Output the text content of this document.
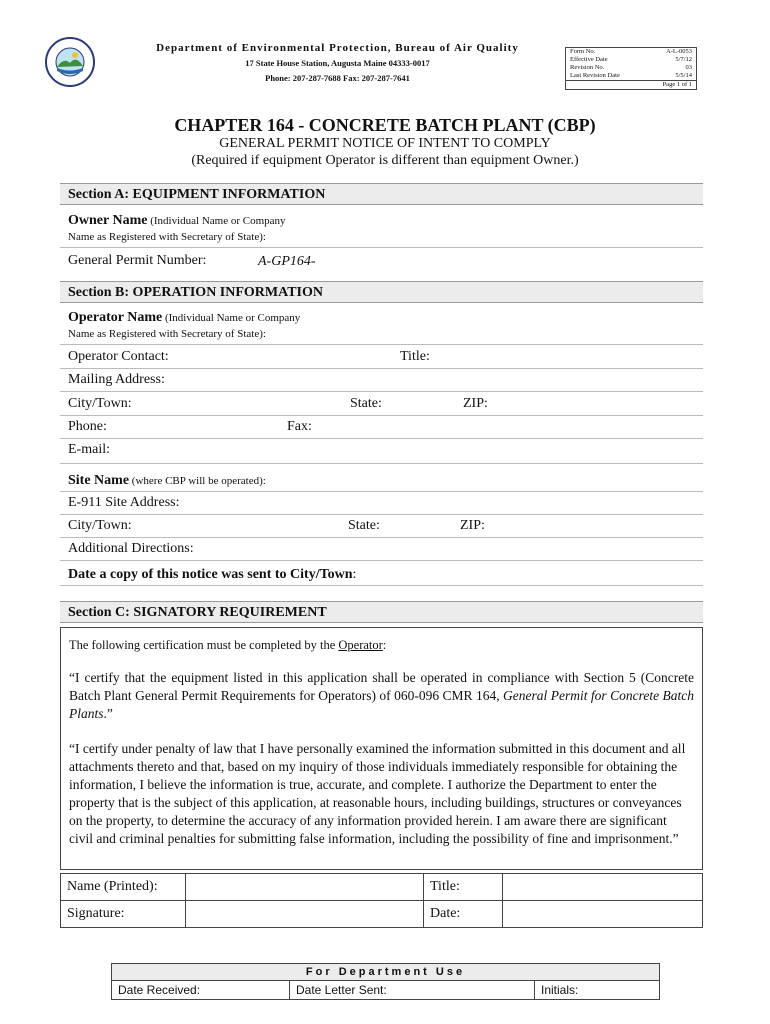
Department of Environmental Protection, Bureau of Air Quality
17 State House Station, Augusta Maine 04333-0017
Phone: 207-287-7688 Fax: 207-287-7641
Form No.	A-L-0053
Effective Date	5/7/12
Revision No.	03
Last Revision Date	5/5/14
Page 1 of 1
CHAPTER 164 - CONCRETE BATCH PLANT (CBP)
GENERAL PERMIT NOTICE OF INTENT TO COMPLY
(Required if equipment Operator is different than equipment Owner.)
Section A: EQUIPMENT INFORMATION
Owner Name (Individual Name or Company
Name as Registered with Secretary of State):
General Permit Number:	A-GP164-
Section B: OPERATION INFORMATION
Operator Name (Individual Name or Company
Name as Registered with Secretary of State):
Operator Contact:	Title:
Mailing Address:
City/Town:	State:	ZIP:
Phone:	Fax:
E-mail:
Site Name (where CBP will be operated):
E-911 Site Address:
City/Town:	State:	ZIP:
Additional Directions:
Date a copy of this notice was sent to City/Town:
Section C: SIGNATORY REQUIREMENT
The following certification must be completed by the Operator:
“I certify that the equipment listed in this application shall be operated in compliance with Section 5 (Concrete Batch Plant General Permit Requirements for Operators) of 060-096 CMR 164, General Permit for Concrete Batch Plants.”
“I certify under penalty of law that I have personally examined the information submitted in this document and all attachments thereto and that, based on my inquiry of those individuals immediately responsible for obtaining the information, I believe the information is true, accurate, and complete. I authorize the Department to enter the property that is the subject of this application, at reasonable hours, including buildings, structures or conveyances on the property, to determine the accuracy of any information provided herein. I am aware there are significant civil and criminal penalties for submitting false information, including the possibility of fine and imprisonment.”
Name (Printed):		Title:	
Signature:		Date:	
For Department Use
Date Received:	Date Letter Sent:	Initials:
